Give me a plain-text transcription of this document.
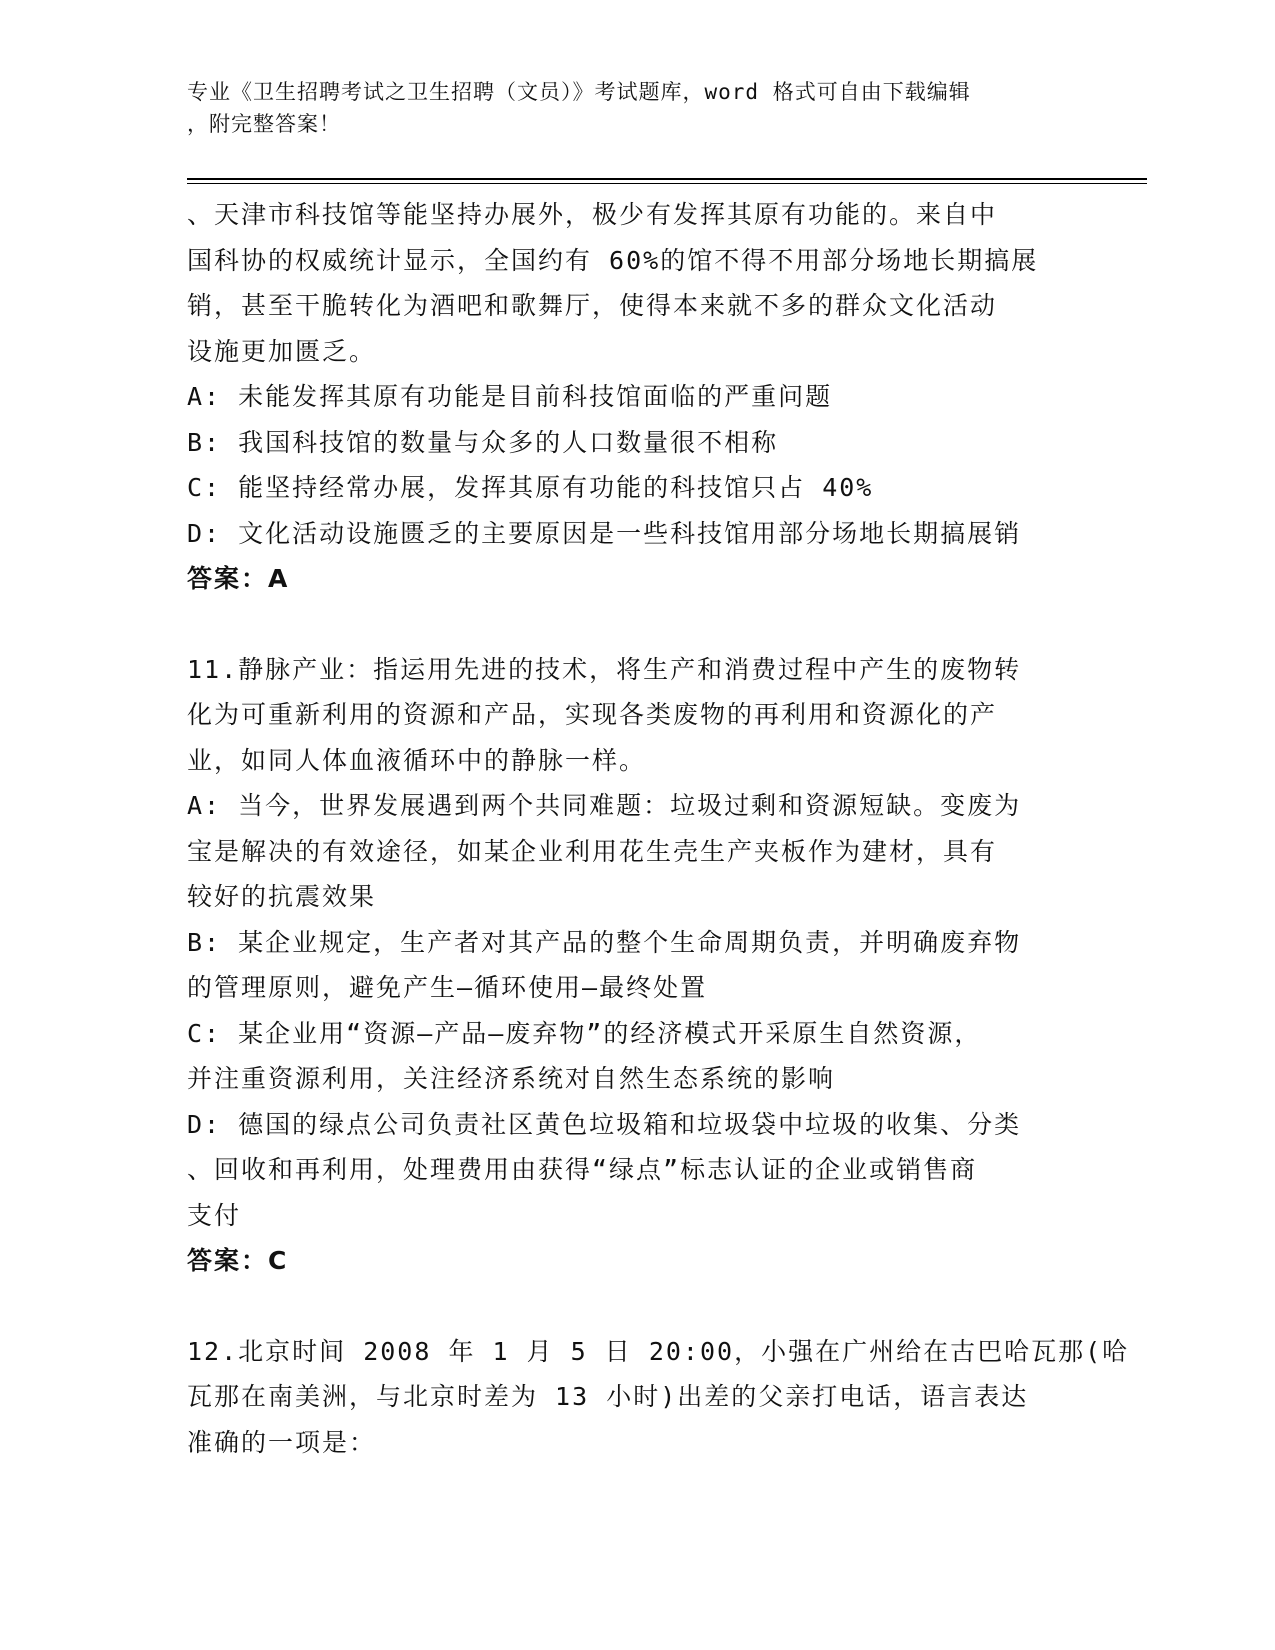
专业《卫生招聘考试之卫生招聘（文员）》考试题库，word 格式可自由下载编辑
，附完整答案！
、天津市科技馆等能坚持办展外，极少有发挥其原有功能的。来自中
国科协的权威统计显示，全国约有 60%的馆不得不用部分场地长期搞展
销，甚至干脆转化为酒吧和歌舞厅，使得本来就不多的群众文化活动
设施更加匮乏。
A: 未能发挥其原有功能是目前科技馆面临的严重问题
B: 我国科技馆的数量与众多的人口数量很不相称
C: 能坚持经常办展，发挥其原有功能的科技馆只占 40%
D: 文化活动设施匮乏的主要原因是一些科技馆用部分场地长期搞展销
答案：A
11.静脉产业：指运用先进的技术，将生产和消费过程中产生的废物转
化为可重新利用的资源和产品，实现各类废物的再利用和资源化的产
业，如同人体血液循环中的静脉一样。
A: 当今，世界发展遇到两个共同难题：垃圾过剩和资源短缺。变废为
宝是解决的有效途径，如某企业利用花生壳生产夹板作为建材，具有
较好的抗震效果
B: 某企业规定，生产者对其产品的整个生命周期负责，并明确废弃物
的管理原则，避免产生—循环使用—最终处置
C: 某企业用“资源—产品—废弃物”的经济模式开采原生自然资源，
并注重资源利用，关注经济系统对自然生态系统的影响
D: 德国的绿点公司负责社区黄色垃圾箱和垃圾袋中垃圾的收集、分类
、回收和再利用，处理费用由获得“绿点”标志认证的企业或销售商
支付
答案：C
12.北京时间 2008 年 1 月 5 日 20:00，小强在广州给在古巴哈瓦那(哈
瓦那在南美洲，与北京时差为 13 小时)出差的父亲打电话，语言表达
准确的一项是：
